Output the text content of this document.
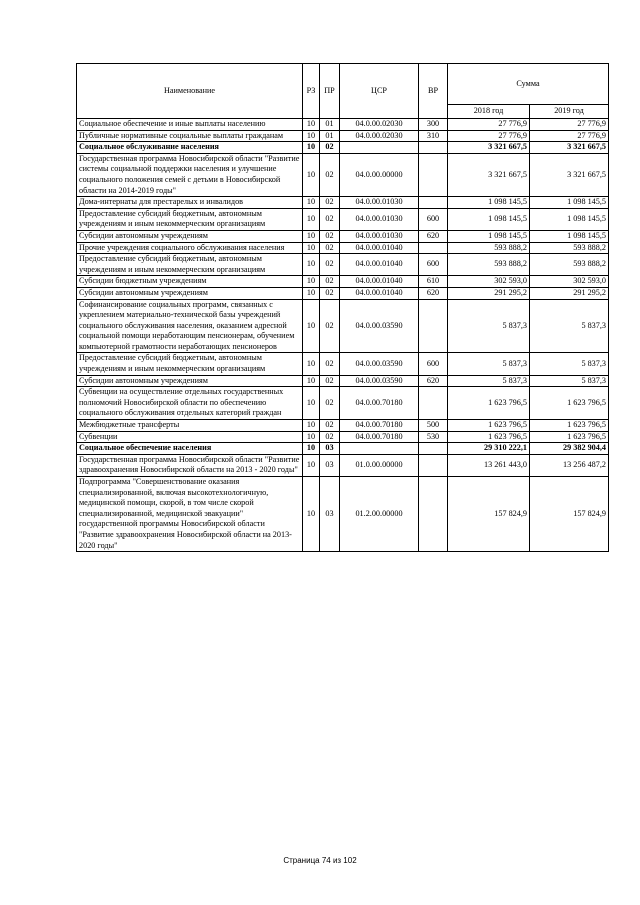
Наименование	РЗ	ПР	ЦСР	ВР	Сумма	
					2018 год	2019 год
Социальное обеспечение и иные выплаты населению	10	01	04.0.00.02030	300	27 776,9	27 776,9
Публичные нормативные социальные выплаты гражданам	10	01	04.0.00.02030	310	27 776,9	27 776,9
Социальное обслуживание населения	10	02			3 321 667,5	3 321 667,5
Государственная программа Новосибирской области "Развитие системы социальной поддержки населения и улучшение социального положения семей с детьми в Новосибирской области на 2014-2019 годы"	10	02	04.0.00.00000		3 321 667,5	3 321 667,5
Дома-интернаты для престарелых и инвалидов	10	02	04.0.00.01030		1 098 145,5	1 098 145,5
Предоставление субсидий бюджетным, автономным учреждениям и иным некоммерческим организациям	10	02	04.0.00.01030	600	1 098 145,5	1 098 145,5
Субсидии автономным учреждениям	10	02	04.0.00.01030	620	1 098 145,5	1 098 145,5
Прочие учреждения социального обслуживания населения	10	02	04.0.00.01040		593 888,2	593 888,2
Предоставление субсидий бюджетным, автономным учреждениям и иным некоммерческим организациям	10	02	04.0.00.01040	600	593 888,2	593 888,2
Субсидии бюджетным учреждениям	10	02	04.0.00.01040	610	302 593,0	302 593,0
Субсидии автономным учреждениям	10	02	04.0.00.01040	620	291 295,2	291 295,2
Софинансирование социальных программ, связанных с укреплением материально-технической базы учреждений социального обслуживания населения, оказанием адресной социальной помощи неработающим пенсионерам, обучением компьютерной грамотности неработающих пенсионеров	10	02	04.0.00.03590		5 837,3	5 837,3
Предоставление субсидий бюджетным, автономным учреждениям и иным некоммерческим организациям	10	02	04.0.00.03590	600	5 837,3	5 837,3
Субсидии автономным учреждениям	10	02	04.0.00.03590	620	5 837,3	5 837,3
Субвенции на осуществление отдельных государственных полномочий Новосибирской области по обеспечению социального обслуживания отдельных категорий граждан	10	02	04.0.00.70180		1 623 796,5	1 623 796,5
Межбюджетные трансферты	10	02	04.0.00.70180	500	1 623 796,5	1 623 796,5
Субвенции	10	02	04.0.00.70180	530	1 623 796,5	1 623 796,5
Социальное обеспечение населения	10	03			29 310 222,1	29 382 904,4
Государственная программа Новосибирской области "Развитие здравоохранения Новосибирской области на 2013 - 2020 годы"	10	03	01.0.00.00000		13 261 443,0	13 256 487,2
Подпрограмма "Совершенствование оказания специализированной, включая высокотехнологичную, медицинской помощи, скорой, в том числе скорой специализированной, медицинской эвакуации" государственной программы Новосибирской области "Развитие здравоохранения Новосибирской области на 2013-2020 годы"	10	03	01.2.00.00000		157 824,9	157 824,9
Страница 74 из 102
